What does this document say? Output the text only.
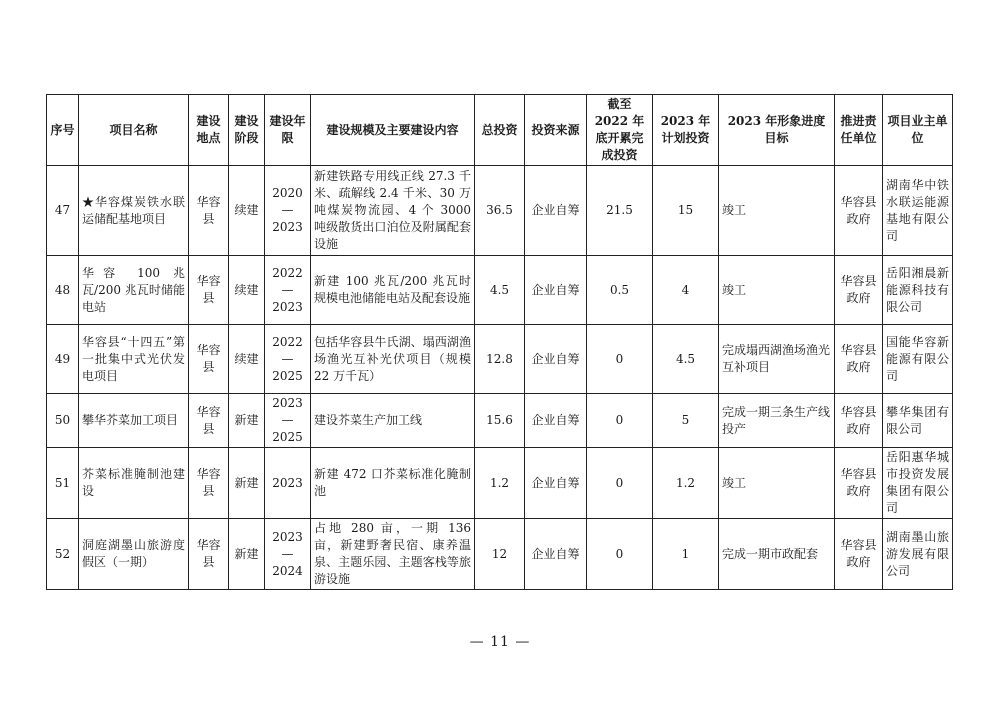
序号	项目名称	建设地点	建设阶段	建设年限	建设规模及主要建设内容	总投资	投资来源	截至 2022 年底开累完成投资	2023 年计划投资	2023 年形象进度目标	推进责任单位	项目业主单位
47	★华容煤炭铁水联运储配基地项目	华容县	续建	2020—2023	新建铁路专用线正线 27.3 千米、疏解线 2.4 千米、30 万吨煤炭物流园、4 个 3000 吨级散货出口泊位及附属配套设施	36.5	企业自筹	21.5	15	竣工	华容县政府	湖南华中铁水联运能源基地有限公司
48	华容 100 兆瓦/200 兆瓦时储能电站	华容县	续建	2022—2023	新建 100 兆瓦/200 兆瓦时规模电池储能电站及配套设施	4.5	企业自筹	0.5	4	竣工	华容县政府	岳阳湘晨新能源科技有限公司
49	华容县“十四五”第一批集中式光伏发电项目	华容县	续建	2022—2025	包括华容县牛氏湖、塌西湖渔场渔光互补光伏项目（规模 22 万千瓦）	12.8	企业自筹	0	4.5	完成塌西湖渔场渔光互补项目	华容县政府	国能华容新能源有限公司
50	攀华芥菜加工项目	华容县	新建	2023—2025	建设芥菜生产加工线	15.6	企业自筹	0	5	完成一期三条生产线投产	华容县政府	攀华集团有限公司
51	芥菜标准腌制池建设	华容县	新建	2023	新建 472 口芥菜标准化腌制池	1.2	企业自筹	0	1.2	竣工	华容县政府	岳阳惠华城市投资发展集团有限公司
52	洞庭湖墨山旅游度假区（一期）	华容县	新建	2023—2024	占地 280 亩，一期 136 亩，新建野奢民宿、康养温泉、主题乐园、主题客栈等旅游设施	12	企业自筹	0	1	完成一期市政配套	华容县政府	湖南墨山旅游发展有限公司
— 11 —
